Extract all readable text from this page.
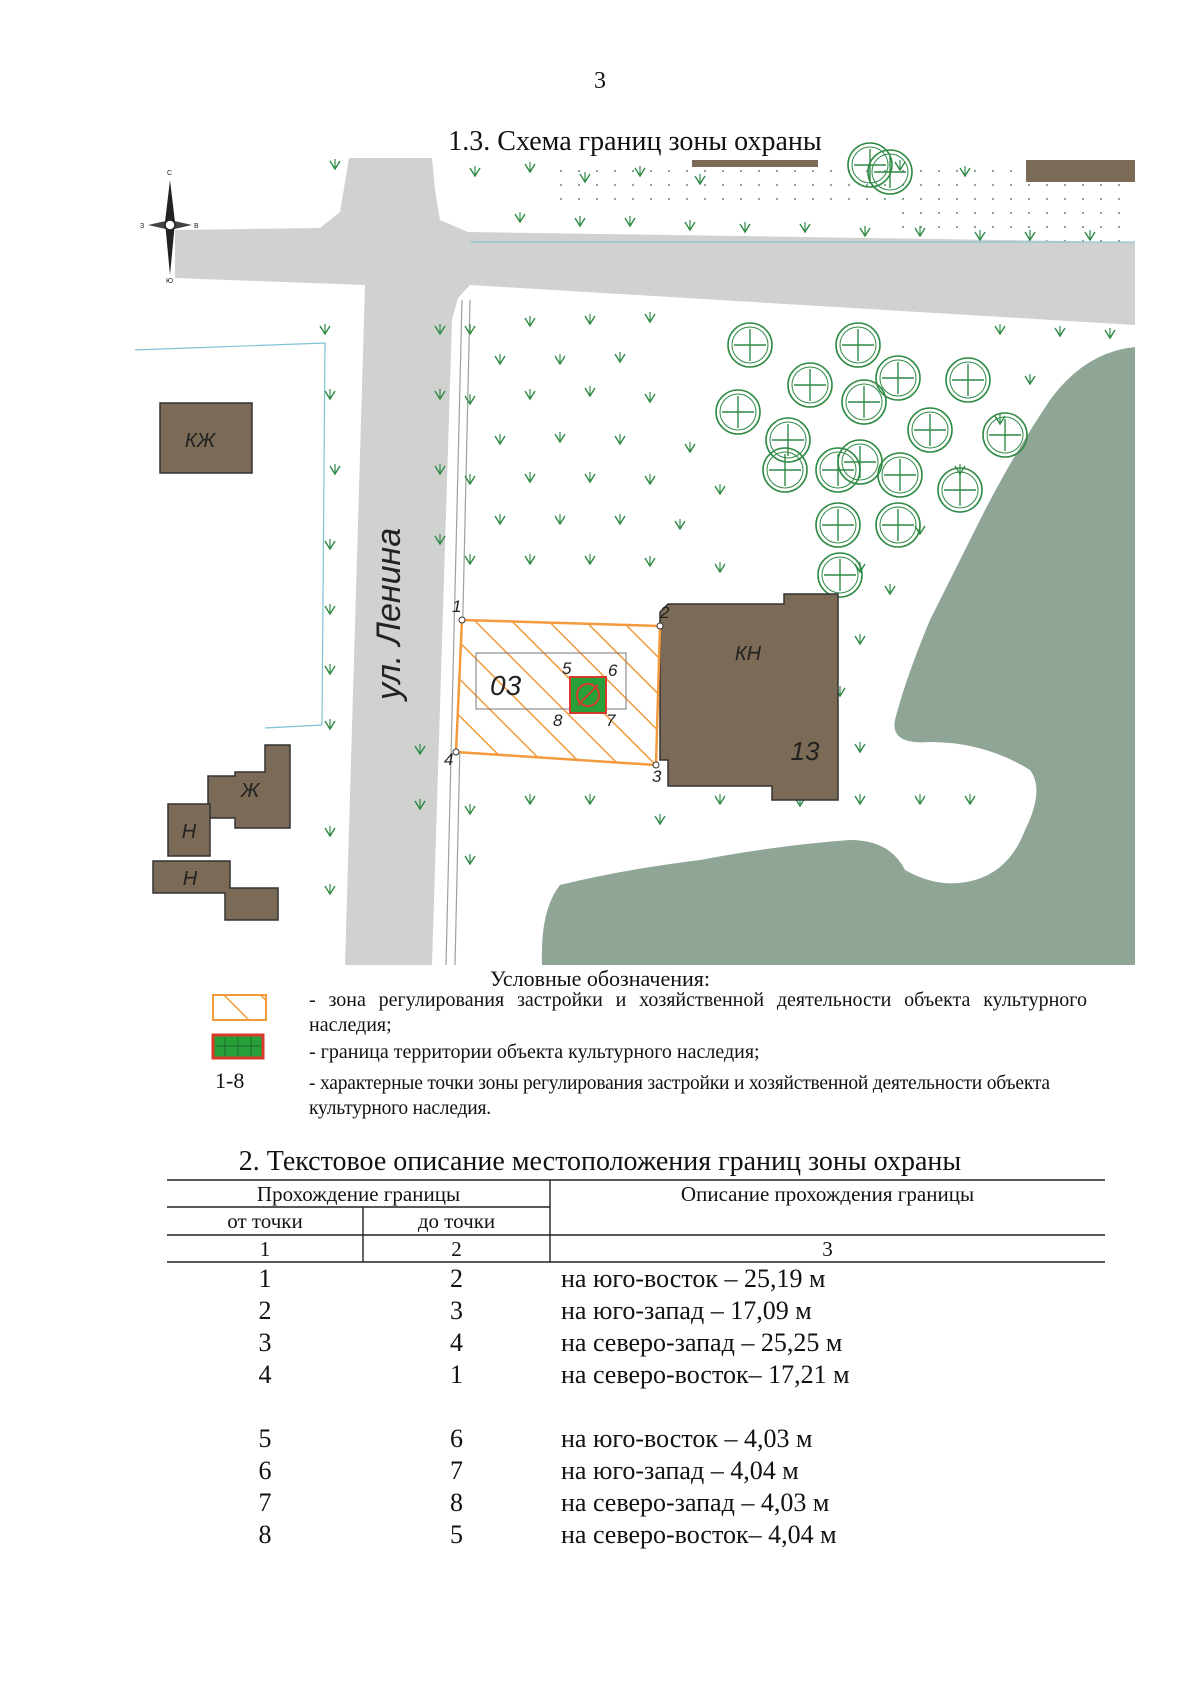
3
1.3. Схема границ зоны охраны
КЖ
Ж
Н
Н
КН
13
03
1	2
3
4
5 6
7
8
ул. Ленина
С
Ю
З	В
Условные обозначения:
- зона регулирования застройки и хозяйственной деятельности объекта культурного наследия;
- граница территории объекта культурного наследия;
1-8	- характерные точки зоны регулирования застройки и хозяйственной деятельности объекта культурного наследия.
2. Текстовое описание местоположения границ зоны охраны
Прохождение границы
от точки	до точки
Описание прохождения границы
1	2	3
1	2	на юго-восток – 25,19 м
2	3	на юго-запад – 17,09 м
3	4	на северо-запад – 25,25 м
4	1	на северо-восток– 17,21 м
5	6	на юго-восток – 4,03 м
6	7	на юго-запад – 4,04 м
7	8	на северо-запад – 4,03 м
8	5	на северо-восток– 4,04 м
